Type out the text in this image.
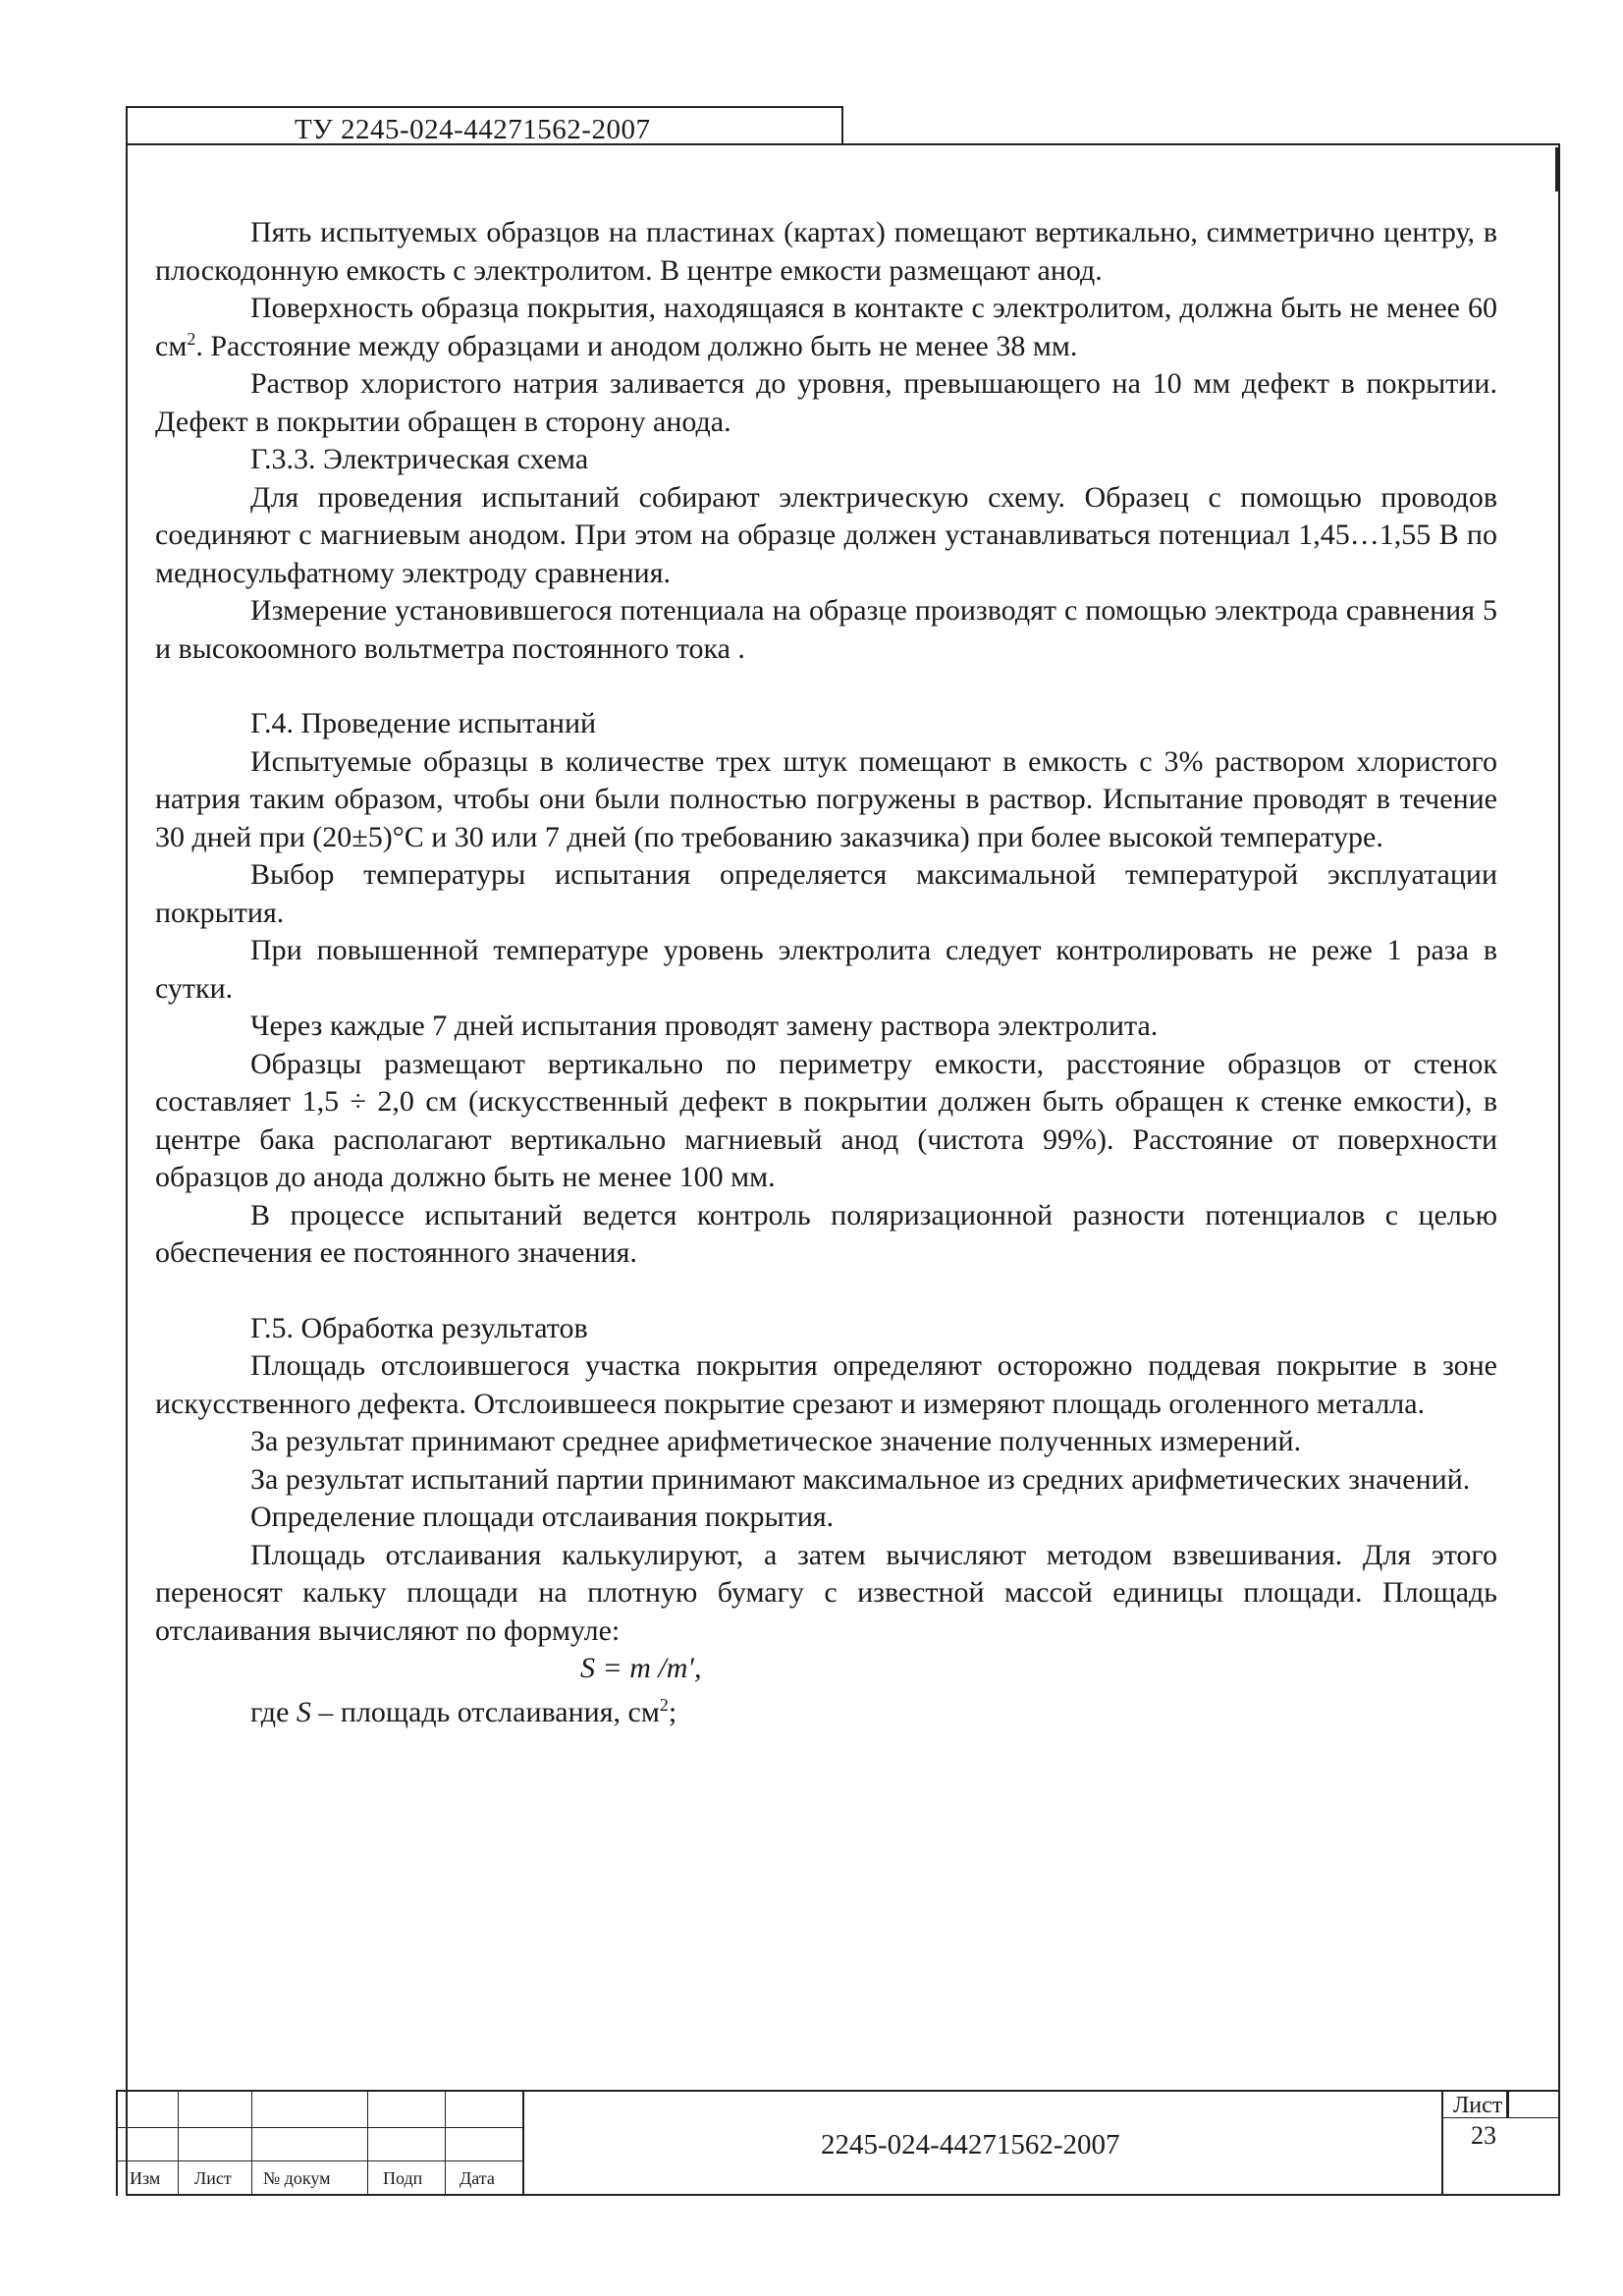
ТУ 2245-024-44271562-2007

Пять испытуемых образцов на пластинах (картах) помещают вертикально, симметрично центру, в плоскодонную емкость с электролитом. В центре емкости размещают анод.

Поверхность образца покрытия, находящаяся в контакте с электролитом, должна быть не менее 60 $см^2$. Расстояние между образцами и анодом должно быть не менее 38 мм.

Раствор хлористого натрия заливается до уровня, превышающего на 10 мм дефект в покрытии. Дефект в покрытии обращен в сторону анода.

Г.3.3. Электрическая схема

Для проведения испытаний собирают электрическую схему. Образец с помощью проводов соединяют с магниевым анодом. При этом на образце должен устанавливаться потенциал 1,45…1,55 В по медносульфатному электроду сравнения.

Измерение установившегося потенциала на образце производят с помощью электрода сравнения 5 и высокоомного вольтметра постоянного тока .

Г.4. Проведение испытаний

Испытуемые образцы в количестве трех штук помещают в емкость с 3% раствором хлористого натрия таким образом, чтобы они были полностью погружены в раствор. Испытание проводят в течение 30 дней при (20±5)°С и 30 или 7 дней (по требованию заказчика) при более высокой температуре.

Выбор температуры испытания определяется максимальной температурой эксплуатации покрытия.

При повышенной температуре уровень электролита следует контролировать не реже 1 раза в сутки.

Через каждые 7 дней испытания проводят замену раствора электролита.

Образцы размещают вертикально по периметру емкости, расстояние образцов от стенок составляет 1,5 ÷ 2,0 см (искусственный дефект в покрытии должен быть обращен к стенке емкости), в центре бака располагают вертикально магниевый анод (чистота 99%). Расстояние от поверхности образцов до анода должно быть не менее 100 мм.

В процессе испытаний ведется контроль поляризационной разности потенциалов с целью обеспечения ее постоянного значения.

Г.5. Обработка результатов

Площадь отслоившегося участка покрытия определяют осторожно поддевая покрытие в зоне искусственного дефекта. Отслоившееся покрытие срезают и измеряют площадь оголенного металла.

За результат принимают среднее арифметическое значение полученных измерений.

За результат испытаний партии принимают максимальное из средних арифметических значений.

Определение площади отслаивания покрытия.

Площадь отслаивания калькулируют, а затем вычисляют методом взвешивания. Для этого переносят кальку площади на плотную бумагу с известной массой единицы площади. Площадь отслаивания вычисляют по формуле:

S = m /m′,

где S – площадь отслаивания, $см^2$;

Изм Лист № докум	Подп Дата
2245-024-44271562-2007
Лист
23
